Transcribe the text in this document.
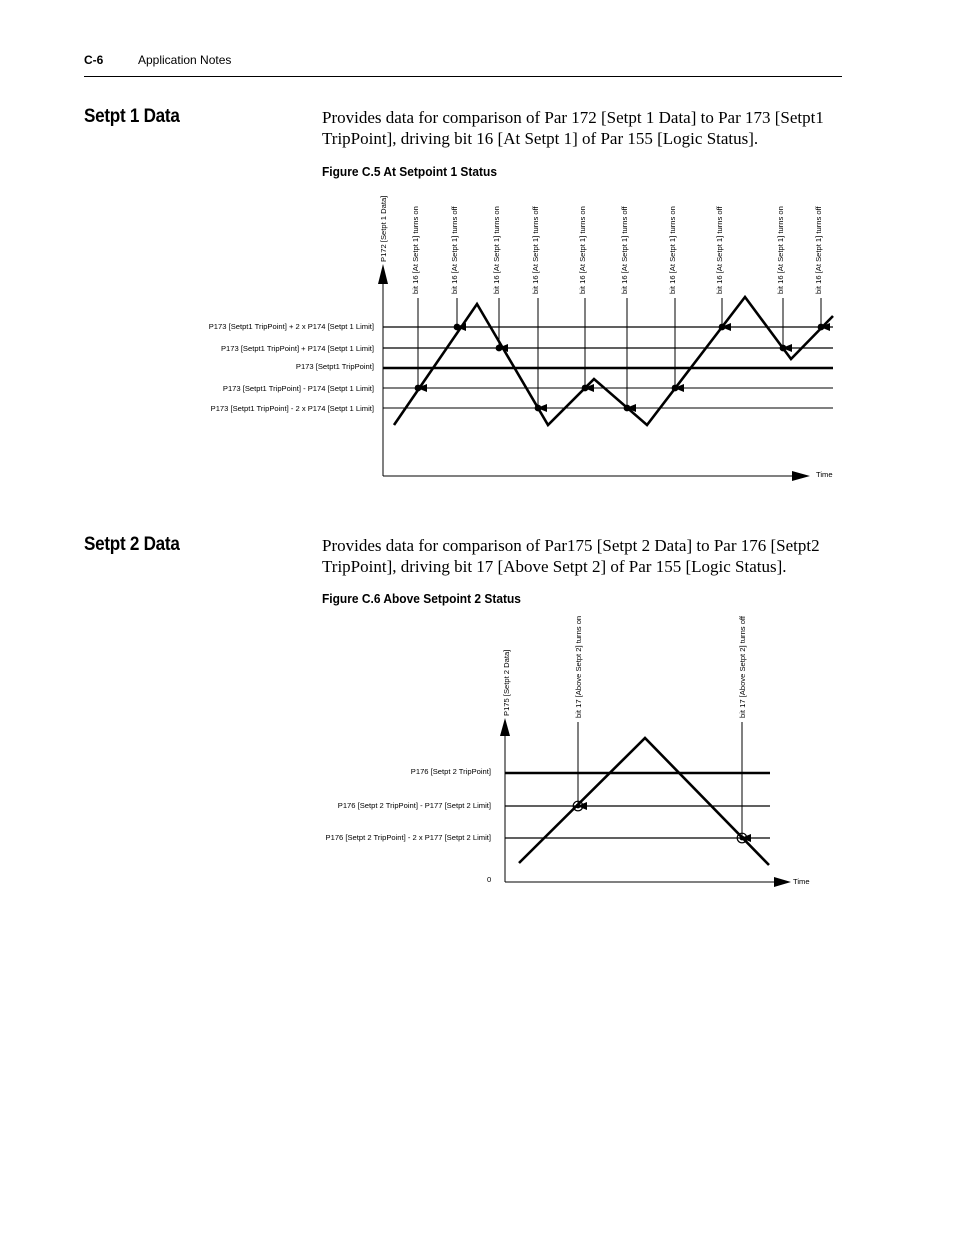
C-6	Application Notes
Setpt 1 Data	Provides data for comparison of Par 172 [Setpt 1 Data] to Par 173 [Setpt1 TripPoint], driving bit 16 [At Setpt 1] of Par 155 [Logic Status].
Figure C.5 At Setpoint 1 Status
Time
P172 [Setpt 1 Data]
P173 [Setpt1 TripPoint] + 2 x P174 [Setpt 1 Limit]
P173 [Setpt1 TripPoint] + P174 [Setpt 1 Limit]
P173 [Setpt1 TripPoint]
P173 [Setpt1 TripPoint] - P174 [Setpt 1 Limit]
P173 [Setpt1 TripPoint] - 2 x P174 [Setpt 1 Limit]
bit 16 [At Setpt 1] turns on	bit 16 [At Setpt 1] turns off	bit 16 [At Setpt 1] turns on	bit 16 [At Setpt 1] turns off	bit 16 [At Setpt 1] turns on	bit 16 [At Setpt 1] turns off	bit 16 [At Setpt 1] turns on	bit 16 [At Setpt 1] turns off	bit 16 [At Setpt 1] turns on	bit 16 [At Setpt 1] turns off
Setpt 2 Data	Provides data for comparison of Par175 [Setpt 2 Data] to Par 176 [Setpt2 TripPoint], driving bit 17 [Above Setpt 2] of Par 155 [Logic Status].
Figure C.6 Above Setpoint 2 Status
Time
0
P175 [Setpt 2 Data]
P176 [Setpt 2 TripPoint]
P176 [Setpt 2 TripPoint] - P177 [Setpt 2 Limit]
P176 [Setpt 2 TripPoint] - 2 x P177 [Setpt 2 Limit]
bit 17 [Above Setpt 2] turns on	bit 17 [Above Setpt 2] turns off
